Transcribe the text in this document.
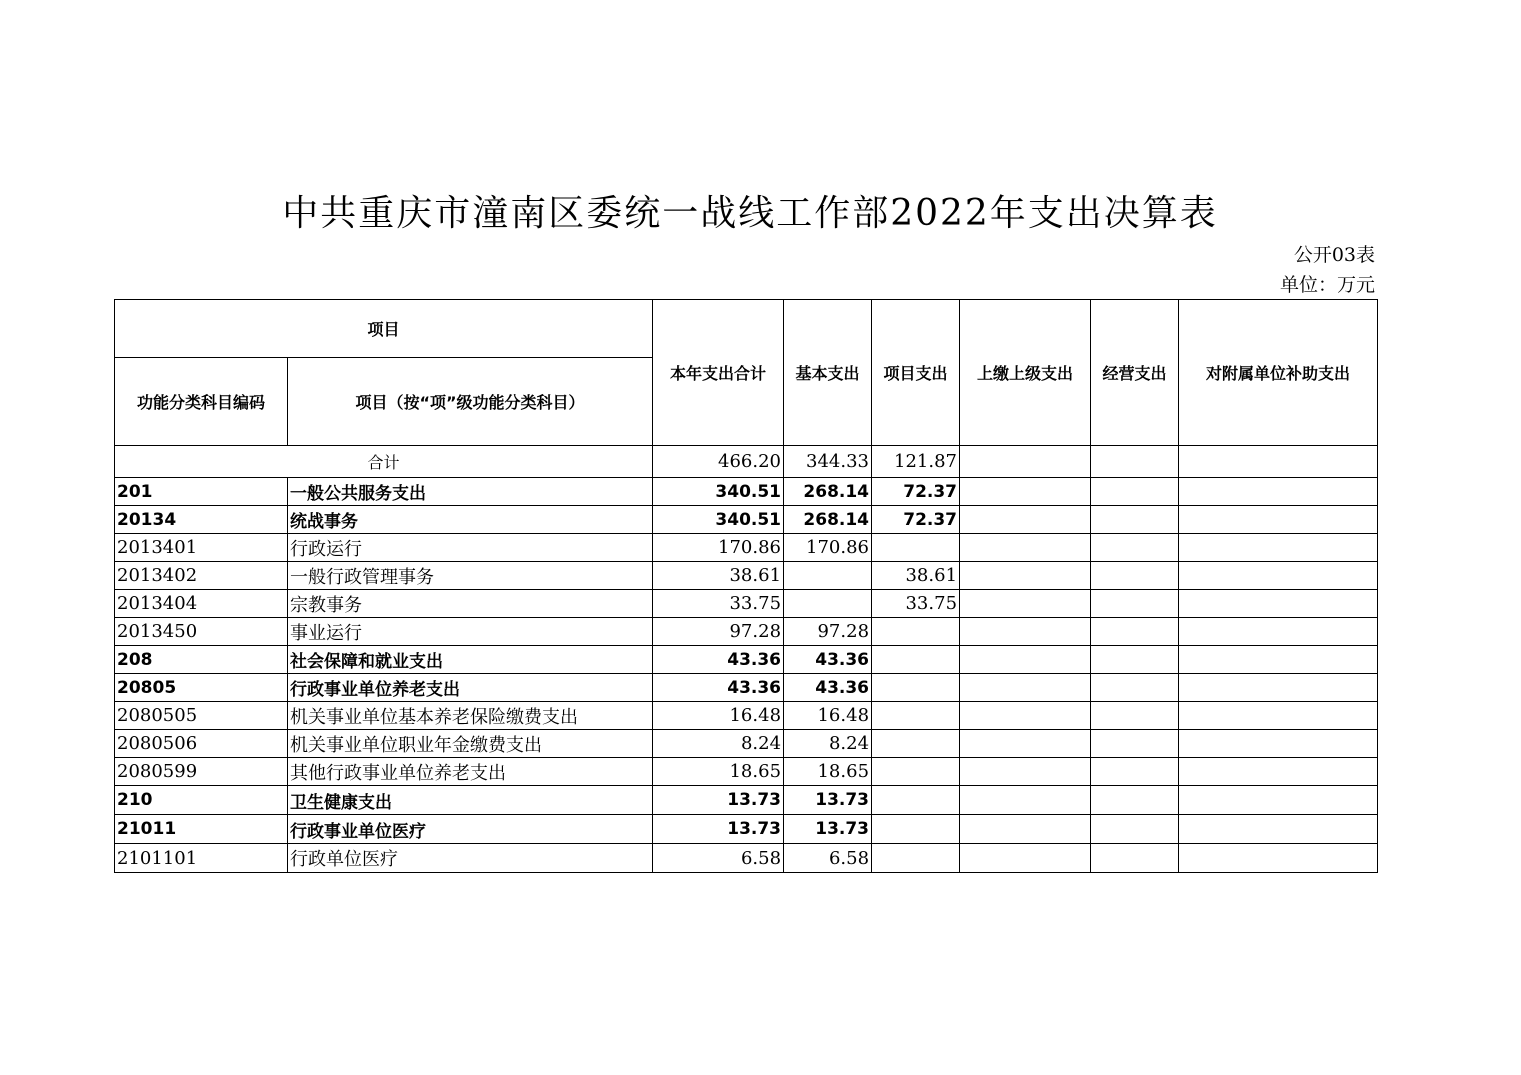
中共重庆市潼南区委统一战线工作部2022年支出决算表
公开03表
单位：万元
项目		本年支出合计	基本支出	项目支出	上缴上级支出	经营支出	对附属单位补助支出
功能分类科目编码	项目（按“项”级功能分类科目）						
合计		466.20	344.33	121.87			
201	一般公共服务支出	340.51	268.14	72.37			
20134	统战事务	340.51	268.14	72.37			
2013401	行政运行	170.86	170.86				
2013402	一般行政管理事务	38.61		38.61			
2013404	宗教事务	33.75		33.75			
2013450	事业运行	97.28	97.28				
208	社会保障和就业支出	43.36	43.36				
20805	行政事业单位养老支出	43.36	43.36				
2080505	机关事业单位基本养老保险缴费支出	16.48	16.48				
2080506	机关事业单位职业年金缴费支出	8.24	8.24				
2080599	其他行政事业单位养老支出	18.65	18.65				
210	卫生健康支出	13.73	13.73				
21011	行政事业单位医疗	13.73	13.73				
2101101	行政单位医疗	6.58	6.58				
